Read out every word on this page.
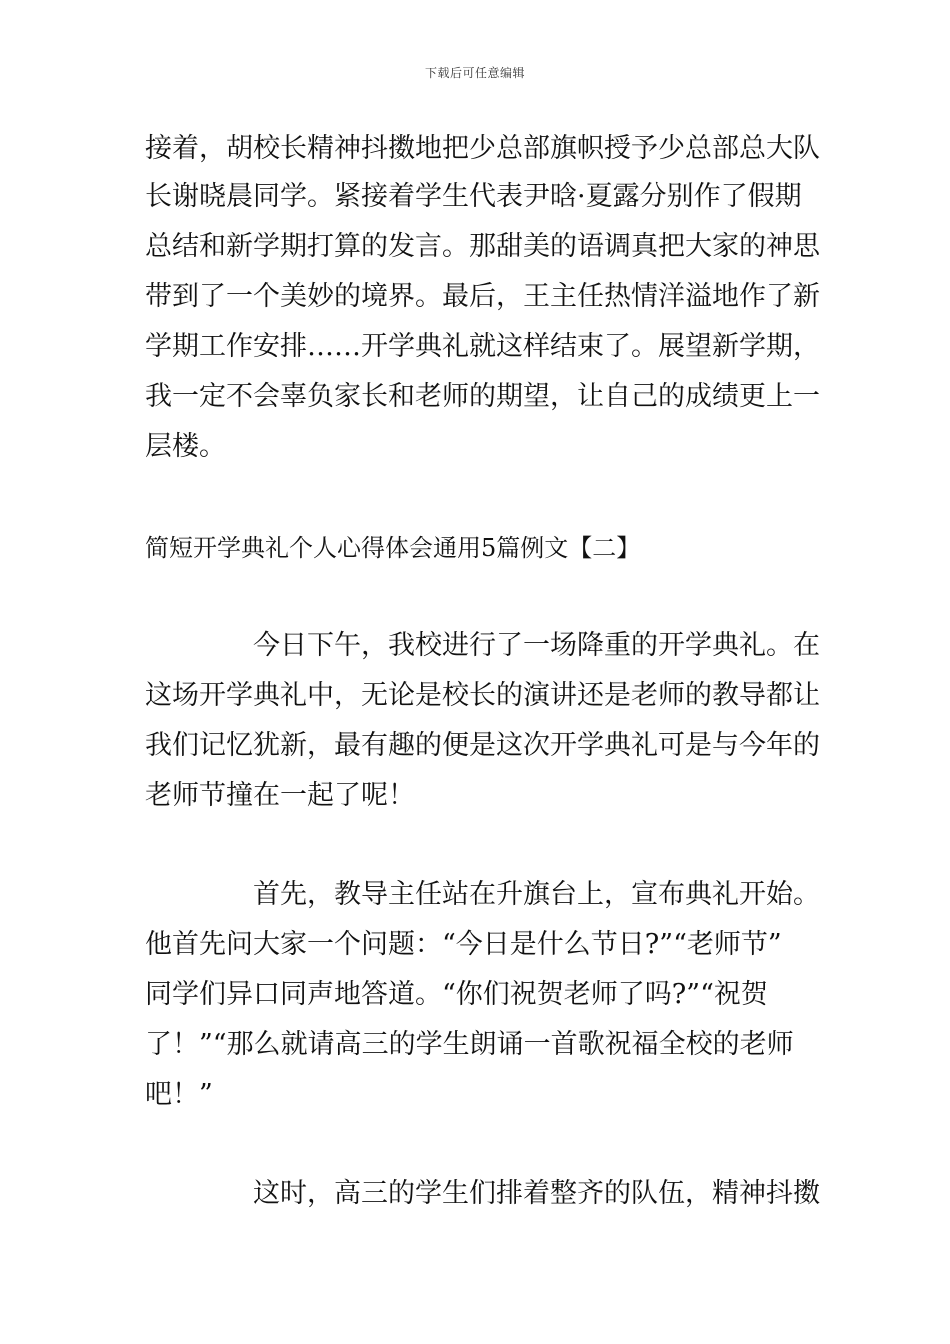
下载后可任意编辑

接着，胡校长精神抖擞地把少总部旗帜授予少总部总大队

长谢晓晨同学。紧接着学生代表尹晗·夏露分别作了假期

总结和新学期打算的发言。那甜美的语调真把大家的神思

带到了一个美妙的境界。最后，王主任热情洋溢地作了新

学期工作安排……开学典礼就这样结束了。展望新学期，

我一定不会辜负家长和老师的期望，让自己的成绩更上一

层楼。

简短开学典礼个人心得体会通用5篇例文【二】

今日下午，我校进行了一场降重的开学典礼。在

这场开学典礼中，无论是校长的演讲还是老师的教导都让

我们记忆犹新，最有趣的便是这次开学典礼可是与今年的

老师节撞在一起了呢！

首先，教导主任站在升旗台上，宣布典礼开始。

他首先问大家一个问题：“今日是什么节日?”“老师节”

同学们异口同声地答道。“你们祝贺老师了吗?”“祝贺

了！”“那么就请高三的学生朗诵一首歌祝福全校的老师

吧！”

这时，高三的学生们排着整齐的队伍，精神抖擞
